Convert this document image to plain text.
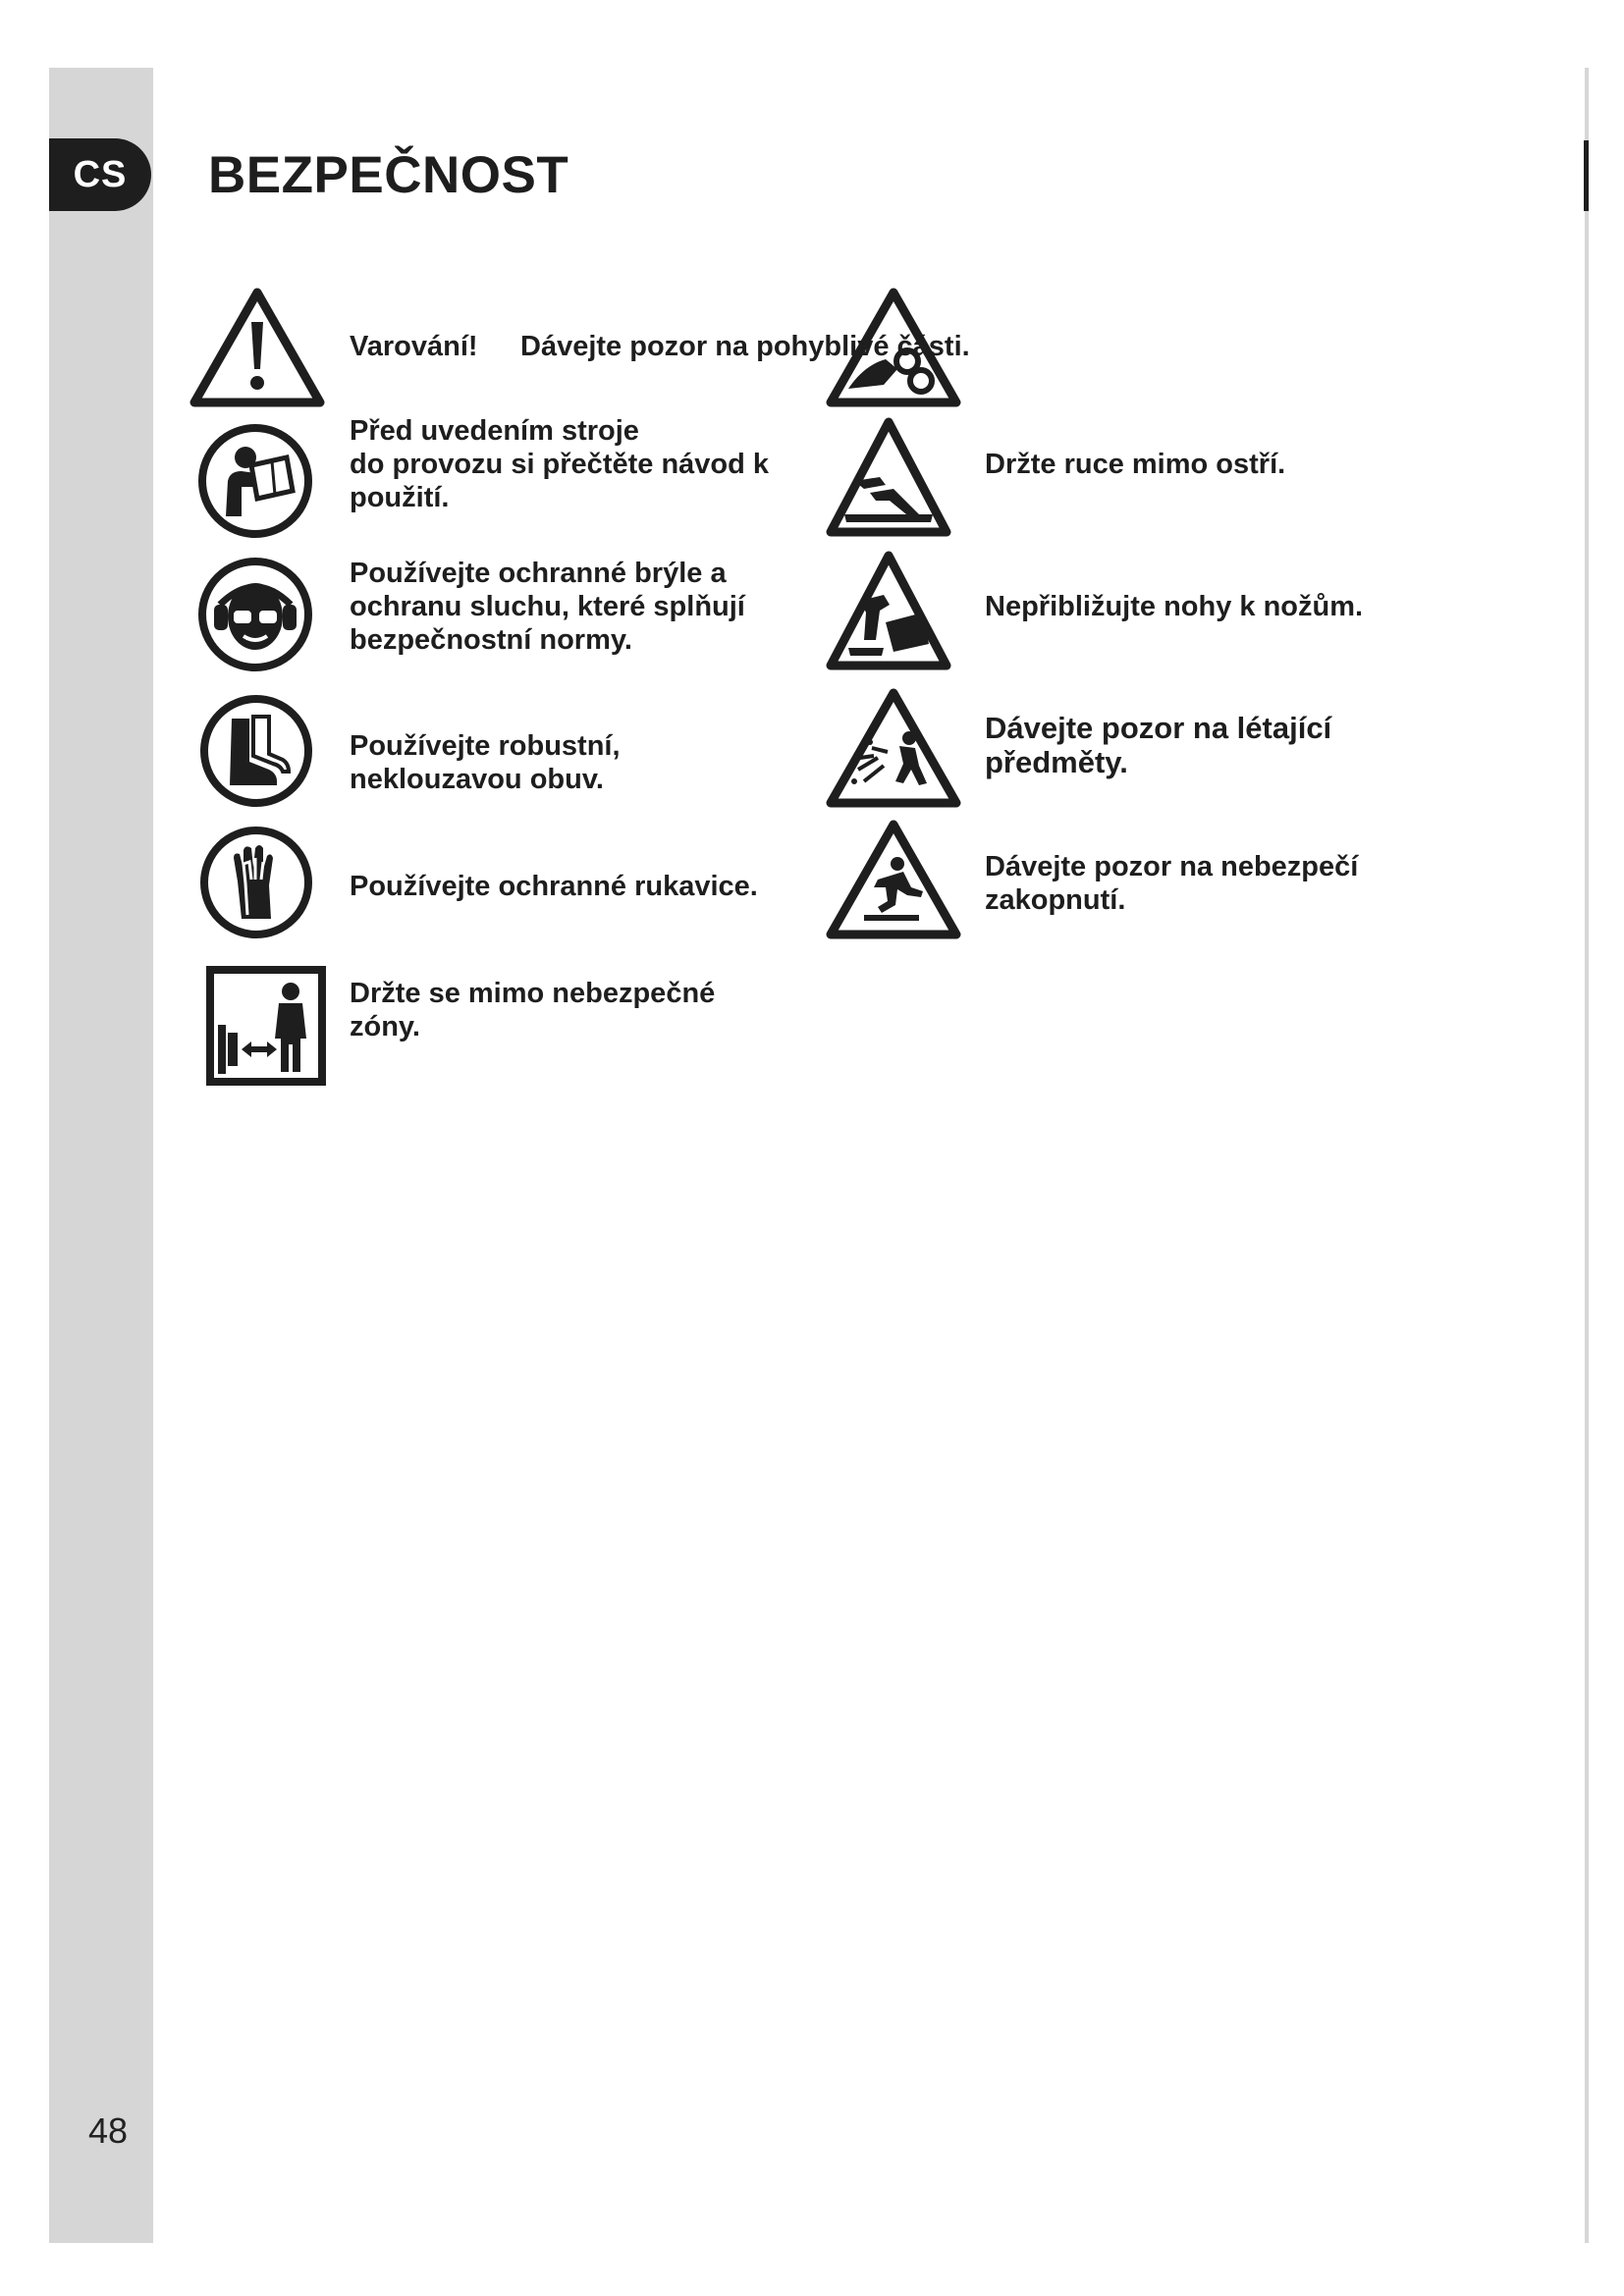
CS	BEZPEČNOST
Varování!
Před uvedením stroje
do provozu si přečtěte návod k
použití.
Používejte ochranné brýle a
ochranu sluchu, které splňují
bezpečnostní normy.
Používejte robustní,
neklouzavou obuv.
Používejte ochranné rukavice.
Držte se mimo nebezpečné
zóny.
Dávejte pozor na pohyblivé části.
Držte ruce mimo ostří.
Nepřibližujte nohy k nožům.
Dávejte pozor na létající
předměty.
Dávejte pozor na nebezpečí
zakopnutí.
48
